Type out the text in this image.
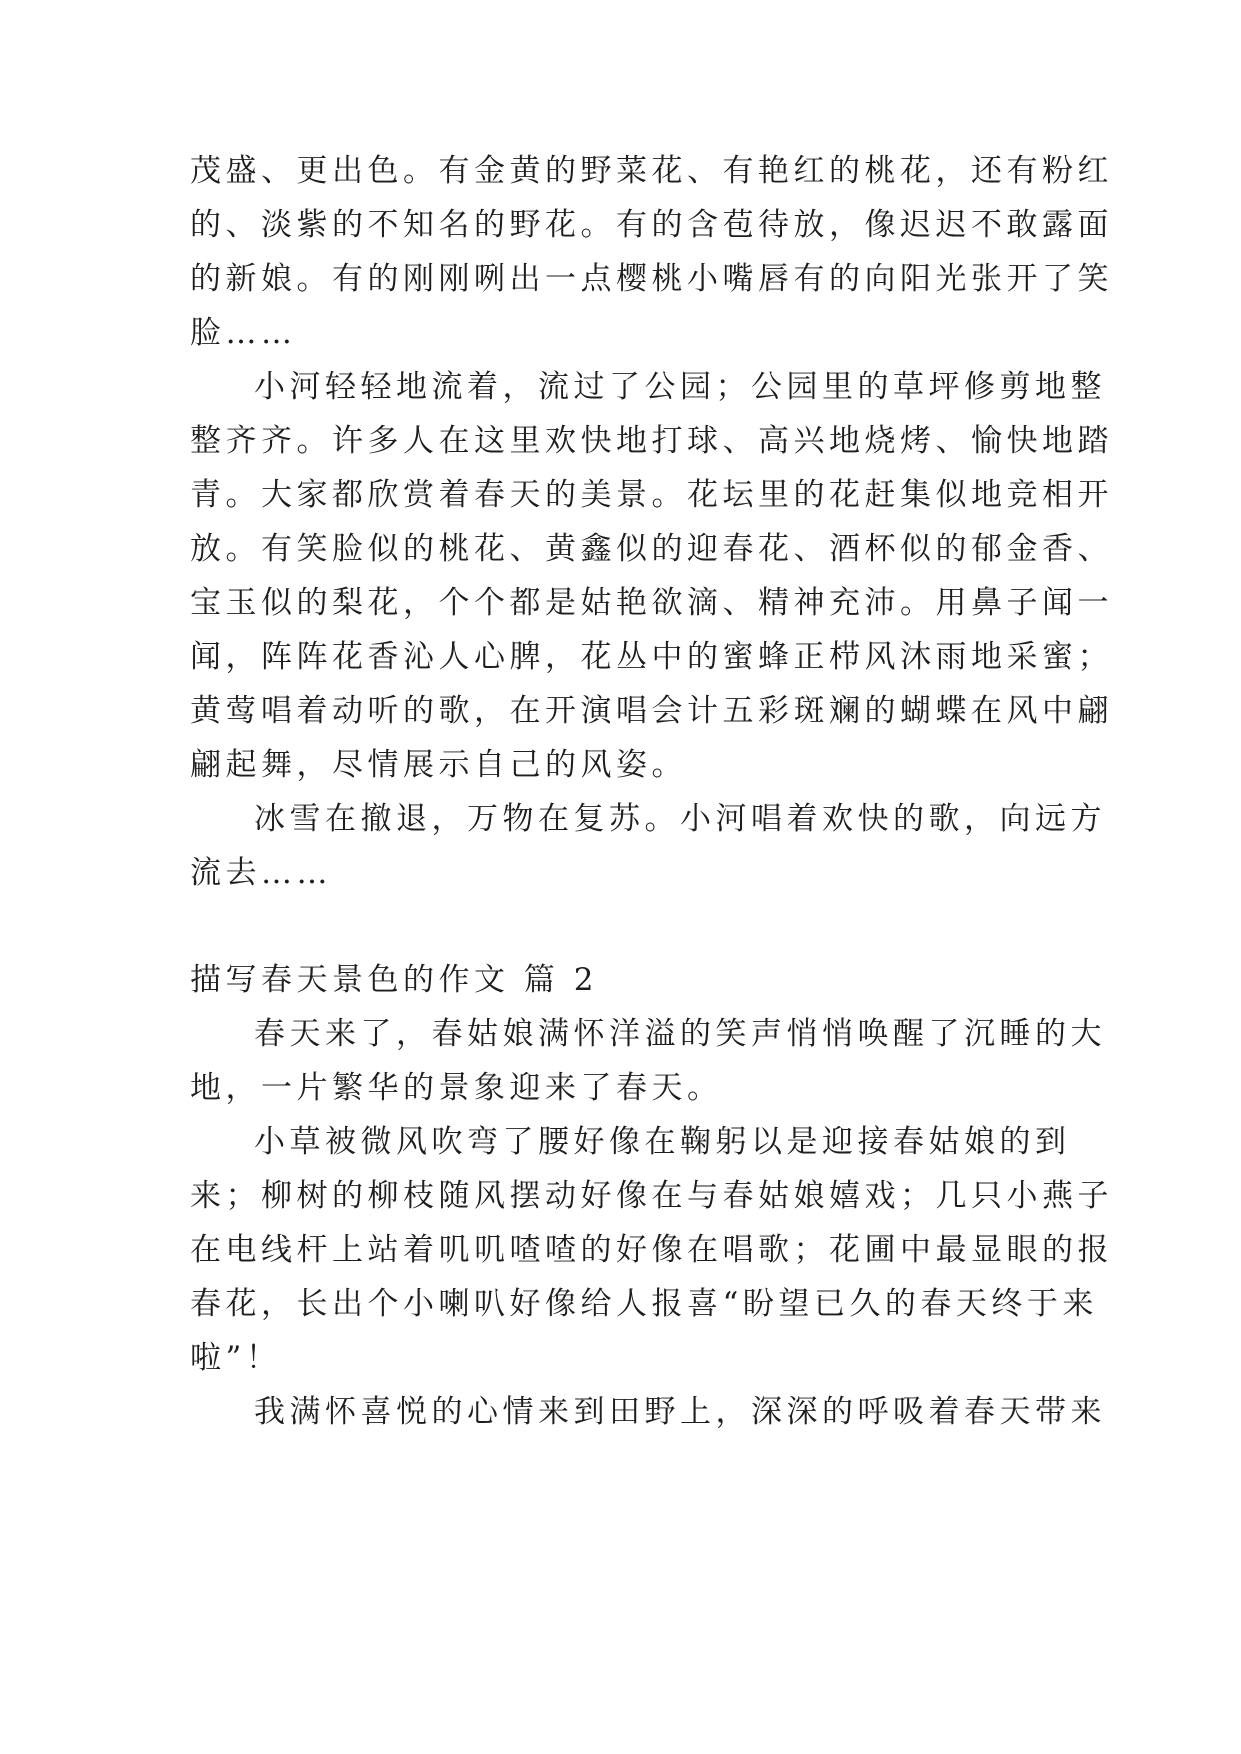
茂盛、更出色。有金黄的野菜花、有艳红的桃花，还有粉红
的、淡紫的不知名的野花。有的含苞待放，像迟迟不敢露面
的新娘。有的刚刚咧出一点樱桃小嘴唇有的向阳光张开了笑
脸……
小河轻轻地流着，流过了公园；公园里的草坪修剪地整
整齐齐。许多人在这里欢快地打球、高兴地烧烤、愉快地踏
青。大家都欣赏着春天的美景。花坛里的花赶集似地竞相开
放。有笑脸似的桃花、黄鑫似的迎春花、酒杯似的郁金香、
宝玉似的梨花，个个都是姑艳欲滴、精神充沛。用鼻子闻一
闻，阵阵花香沁人心脾，花丛中的蜜蜂正栉风沐雨地采蜜；
黄莺唱着动听的歌，在开演唱会计五彩斑斓的蝴蝶在风中翩
翩起舞，尽情展示自己的风姿。
冰雪在撤退，万物在复苏。小河唱着欢快的歌，向远方
流去……
描写春天景色的作文 篇 2
春天来了，春姑娘满怀洋溢的笑声悄悄唤醒了沉睡的大
地，一片繁华的景象迎来了春天。
小草被微风吹弯了腰好像在鞠躬以是迎接春姑娘的到
来；柳树的柳枝随风摆动好像在与春姑娘嬉戏；几只小燕子
在电线杆上站着叽叽喳喳的好像在唱歌；花圃中最显眼的报
春花，长出个小喇叭好像给人报喜“盼望已久的春天终于来
啦”！
我满怀喜悦的心情来到田野上，深深的呼吸着春天带来
